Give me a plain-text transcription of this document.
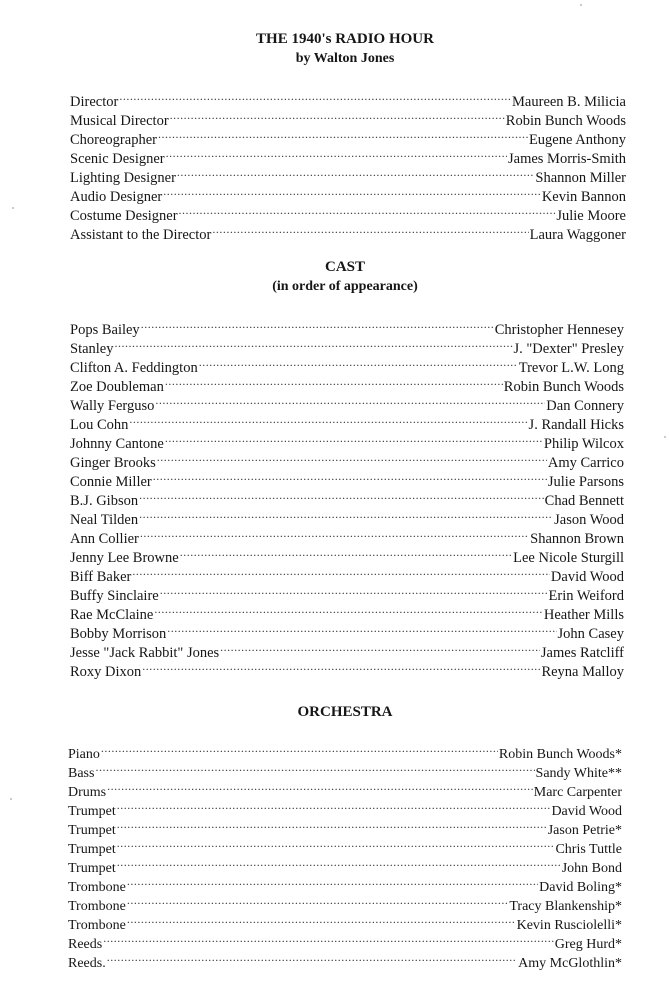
THE 1940's RADIO HOUR
by Walton Jones
Director .....	Maureen B. Milicia
Musical Director .....	Robin Bunch Woods
Choreographer .....	Eugene Anthony
Scenic Designer .....	James Morris-Smith
Lighting Designer .....	Shannon Miller
Audio Designer .....	Kevin Bannon
Costume Designer .....	Julie Moore
Assistant to the Director .....	Laura Waggoner
CAST
(in order of appearance)
Pops Bailey .....	Christopher Hennesey
Stanley .....	J. "Dexter" Presley
Clifton A. Feddington .....	Trevor L.W. Long
Zoe Doubleman .....	Robin Bunch Woods
Wally Ferguso .....	Dan Connery
Lou Cohn .....	J. Randall Hicks
Johnny Cantone .....	Philip Wilcox
Ginger Brooks .....	Amy Carrico
Connie Miller .....	Julie Parsons
B.J. Gibson .....	Chad Bennett
Neal Tilden .....	Jason Wood
Ann Collier .....	Shannon Brown
Jenny Lee Browne .....	Lee Nicole Sturgill
Biff Baker .....	David Wood
Buffy Sinclaire .....	Erin Weiford
Rae McClaine .....	Heather Mills
Bobby Morrison .....	John Casey
Jesse "Jack Rabbit" Jones .....	James Ratcliff
Roxy Dixon .....	Reyna Malloy
ORCHESTRA
Piano .....	Robin Bunch Woods*
Bass .....	Sandy White**
Drums .....	Marc Carpenter
Trumpet .....	David Wood
Trumpet .....	Jason Petrie*
Trumpet .....	Chris Tuttle
Trumpet .....	John Bond
Trombone .....	David Boling*
Trombone .....	Tracy Blankenship*
Trombone .....	Kevin Rusciolelli*
Reeds .....	Greg Hurd*
Reeds. .....	Amy McGlothlin*
